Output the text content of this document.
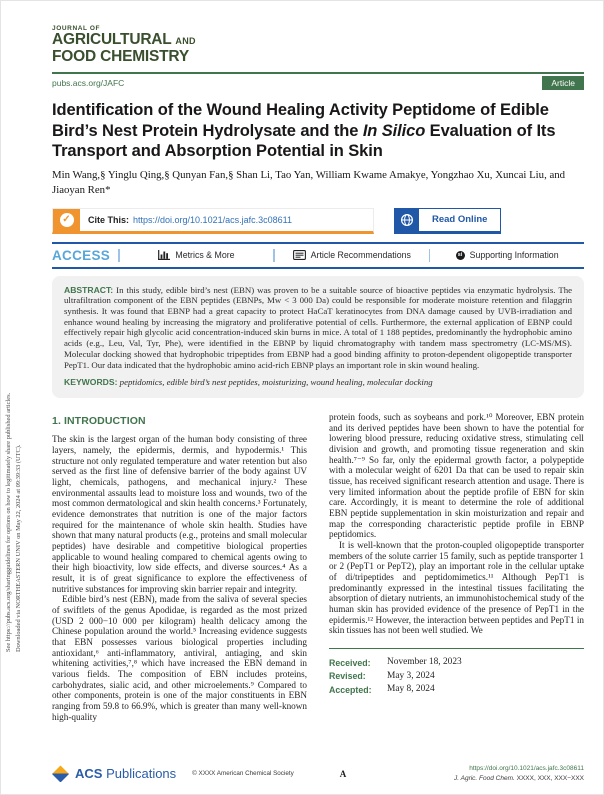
See https://pubs.acs.org/sharingguidelines for options on how to legitimately share published articles. Downloaded via NORTHEASTERN UNIV on May 22, 2024 at 09:39:33 (UTC).
JOURNAL OF
AGRICULTURAL AND
FOOD CHEMISTRY
pubs.acs.org/JAFC	Article
Identification of the Wound Healing Activity Peptidome of Edible Bird’s Nest Protein Hydrolysate and the In Silico Evaluation of Its Transport and Absorption Potential in Skin
Min Wang,§ Yinglu Qing,§ Qunyan Fan,§ Shan Li, Tao Yan, William Kwame Amakye, Yongzhao Xu, Xuncai Liu, and Jiaoyan Ren*
✓	Cite This: https://doi.org/10.1021/acs.jafc.3c08611	Read Online
ACCESS	Metrics & More	Article Recommendations	si Supporting Information
ABSTRACT: In this study, edible bird’s nest (EBN) was proven to be a suitable source of bioactive peptides via enzymatic hydrolysis. The ultrafiltration component of the EBN peptides (EBNPs, Mw < 3 000 Da) could be responsible for moderate moisture retention and filaggrin synthesis. It was found that EBNP had a great capacity to protect HaCaT keratinocytes from DNA damage caused by UVB-irradiation and enhance wound healing by increasing the migratory and proliferative potential of cells. Furthermore, the external application of EBNP could effectively repair high glycolic acid concentration-induced skin burns in mice. A total of 1 188 peptides, predominantly the hydrophobic amino acids (e.g., Leu, Val, Tyr, Phe), were identified in the EBNP by liquid chromatography with tandem mass spectrometry (LC-MS/MS). Molecular docking showed that hydrophobic tripeptides from EBNP had a good binding affinity to proton-dependent oligopeptide transporter PepT1. Our data indicated that the hydrophobic amino acid-rich EBNP plays an important role in skin wound healing.
KEYWORDS: peptidomics, edible bird’s nest peptides, moisturizing, wound healing, molecular docking
1. INTRODUCTION

The skin is the largest organ of the human body consisting of three layers, namely, the epidermis, dermis, and hypodermis.¹ This structure not only regulated temperature and water retention but also served as the first line of defensive barrier of the body against UV light, chemicals, pathogens, and mechanical injury.² These environmental assaults lead to moisture loss and wounds, two of the most common dermatological and skin health concerns.³ Fortunately, evidence demonstrates that nutrition is one of the major factors required for the maintenance of whole skin health. Studies have shown that many natural products (e.g., proteins and small molecular peptides) have desirable and competitive biological properties applicable to wound healing compared to chemical agents owing to their high bioactivity, low side effects, and diverse sources.⁴ As a result, it is of great significance to explore the effectiveness of nutritive substances for improving skin barrier repair and integrity.

Edible bird’s nest (EBN), made from the saliva of several species of swiftlets of the genus Apodidae, is regarded as the most prized (USD 2 000−10 000 per kilogram) health delicacy among the Chinese population around the world.⁵ Increasing evidence suggests that EBN possesses various biological properties including antioxidant,⁶ anti-inflammatory, antiviral, antiaging, and skin whitening activities,⁷,⁸ which have increased the EBN demand in various fields. The composition of EBN includes proteins, carbohydrates, sialic acid, and other microelements.⁹ Compared to other components, protein is one of the major constituents in EBN ranging from 59.8 to 66.9%, which is greater than many well-known high-quality

protein foods, such as soybeans and pork.¹⁰ Moreover, EBN protein and its derived peptides have been shown to have the potential for lowering blood pressure, reducing oxidative stress, stimulating cell division and growth, and promoting tissue regeneration and skin health.⁷⁻⁹ So far, only the epidermal growth factor, a polypeptide with a molecular weight of 6201 Da that can be used to repair skin tissue, has received significant research attention and usage. There is very limited information about the peptide profile of EBN for skin care. Accordingly, it is meant to determine the role of additional EBN peptide supplementation in skin moisturization and repair and map the corresponding characteristic peptide profile in EBNP peptidomics.

It is well-known that the proton-coupled oligopeptide transporter members of the solute carrier 15 family, such as peptide transporter 1 or 2 (PepT1 or PepT2), play an important role in the cellular uptake of di/tripeptides and peptidomimetics.¹¹ Although PepT1 is predominantly expressed in the intestinal tissues facilitating the absorption of dietary nutrients, an immunohistochemical study of the human skin has provided evidence of the presence of PepT1 in the epidermis.¹² However, the interaction between peptides and PepT1 in skin tissues has not been well studied. We

Received:	November 18, 2023
Revised:	May 3, 2024
Accepted:	May 8, 2024
ACS Publications	© XXXX American Chemical Society	A
https://doi.org/10.1021/acs.jafc.3c08611
J. Agric. Food Chem. XXXX, XXX, XXX−XXX
